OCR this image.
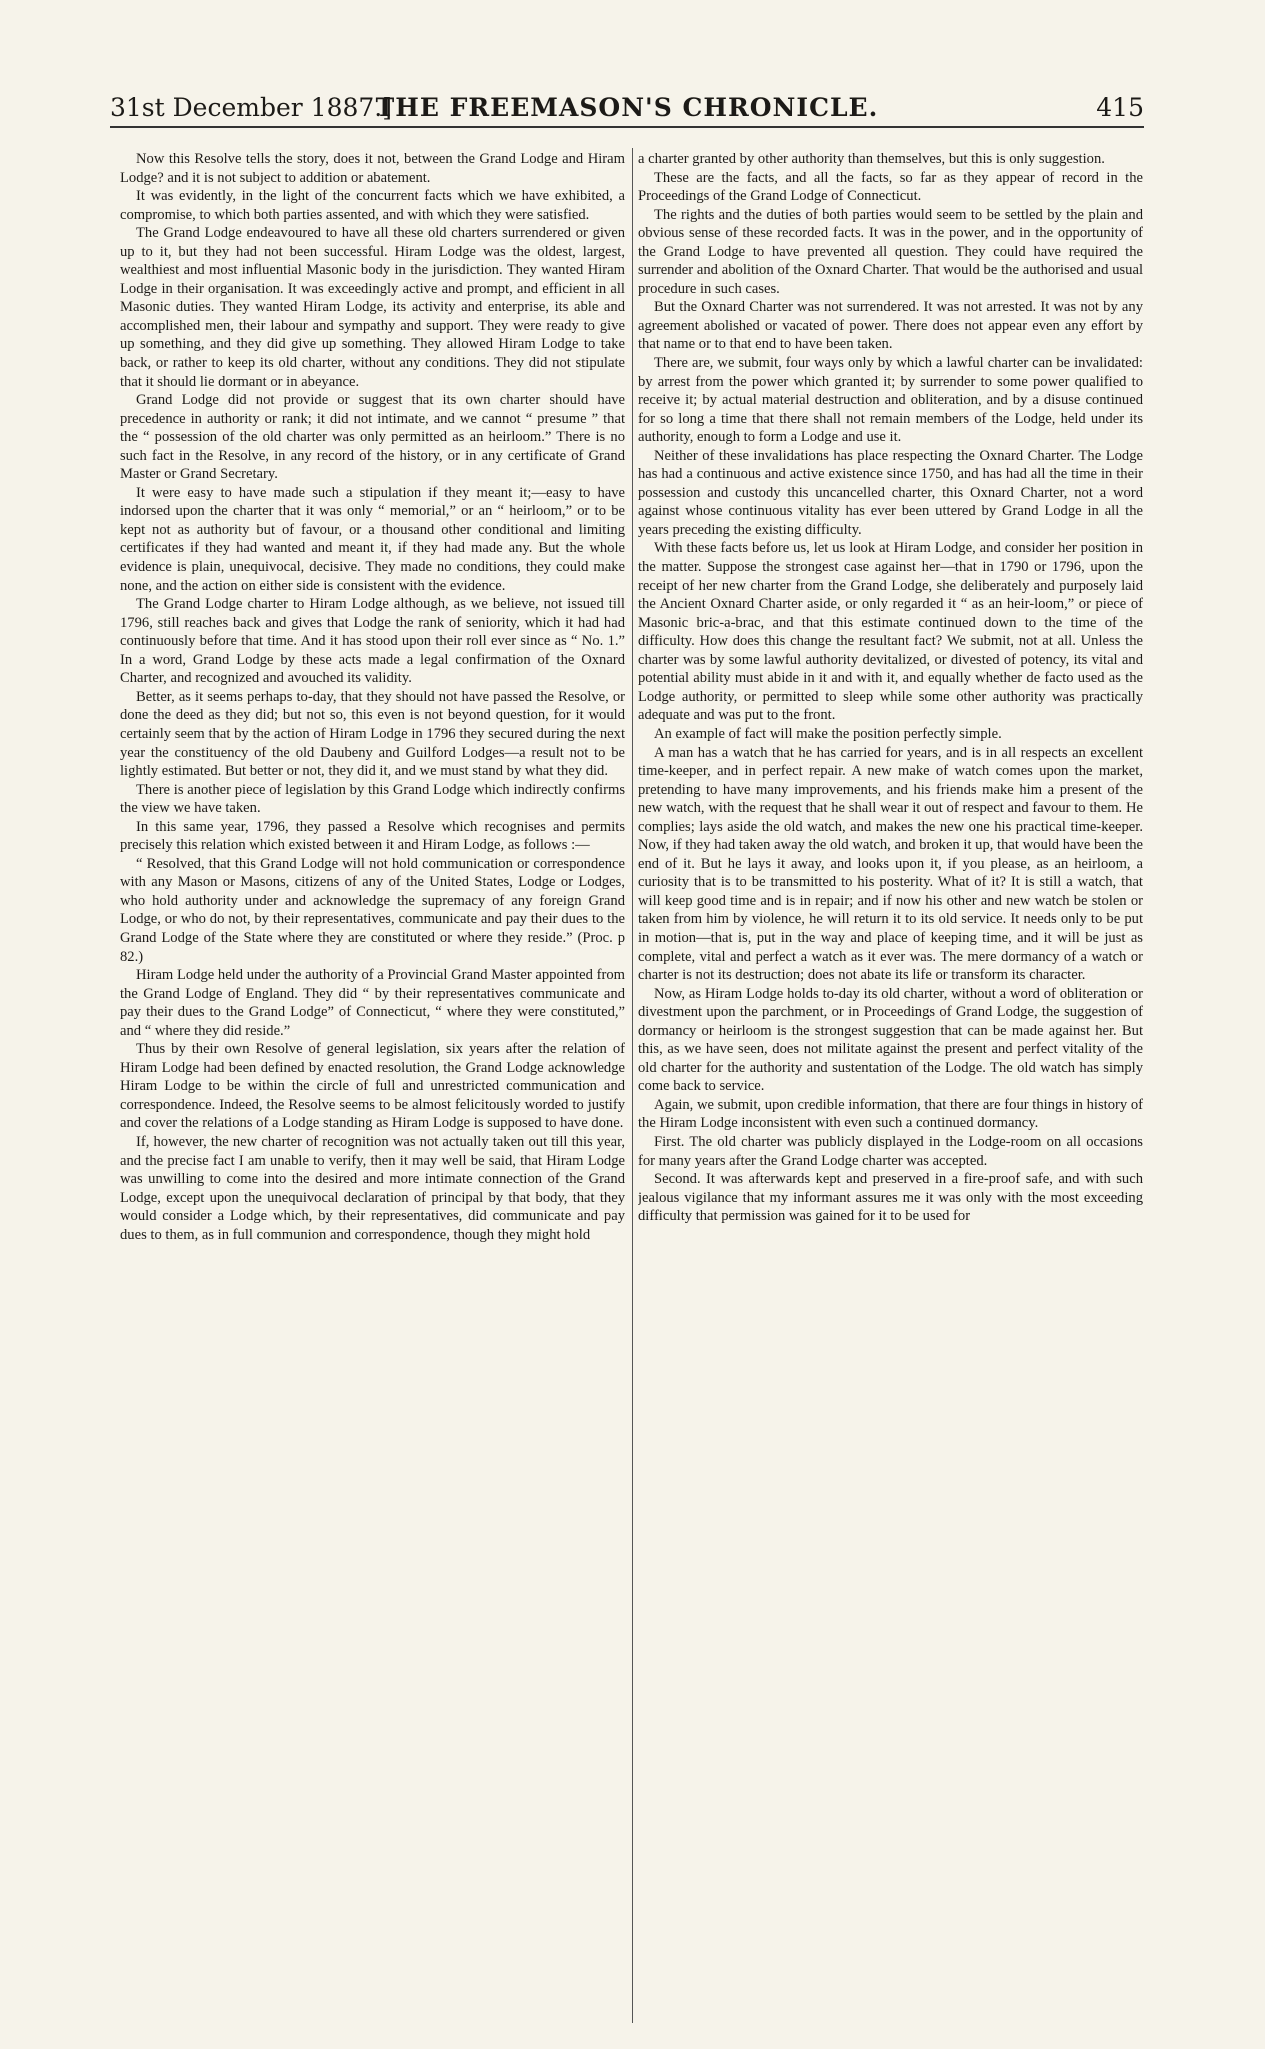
31st December 1887.]
THE FREEMASON'S CHRONICLE.	415

Now this Resolve tells the story, does it not, between the Grand Lodge and Hiram Lodge? and it is not subject to addition or abatement.

It was evidently, in the light of the concurrent facts which we have exhibited, a compromise, to which both parties assented, and with which they were satisfied.

The Grand Lodge endeavoured to have all these old charters surrendered or given up to it, but they had not been successful. Hiram Lodge was the oldest, largest, wealthiest and most influential Masonic body in the jurisdiction. They wanted Hiram Lodge in their organisation. It was exceedingly active and prompt, and efficient in all Masonic duties. They wanted Hiram Lodge, its activity and enterprise, its able and accomplished men, their labour and sympathy and support. They were ready to give up something, and they did give up something. They allowed Hiram Lodge to take back, or rather to keep its old charter, without any conditions. They did not stipulate that it should lie dormant or in abeyance.

Grand Lodge did not provide or suggest that its own charter should have precedence in authority or rank; it did not intimate, and we cannot “ presume ” that the “ possession of the old charter was only permitted as an heirloom.” There is no such fact in the Resolve, in any record of the history, or in any certificate of Grand Master or Grand Secretary.

It were easy to have made such a stipulation if they meant it;—easy to have indorsed upon the charter that it was only “ memorial,” or an “ heirloom,” or to be kept not as authority but of favour, or a thousand other conditional and limiting certificates if they had wanted and meant it, if they had made any. But the whole evidence is plain, unequivocal, decisive. They made no conditions, they could make none, and the action on either side is consistent with the evidence.

The Grand Lodge charter to Hiram Lodge although, as we believe, not issued till 1796, still reaches back and gives that Lodge the rank of seniority, which it had had continuously before that time. And it has stood upon their roll ever since as “ No. 1.” In a word, Grand Lodge by these acts made a legal confirmation of the Oxnard Charter, and recognized and avouched its validity.

Better, as it seems perhaps to-day, that they should not have passed the Resolve, or done the deed as they did; but not so, this even is not beyond question, for it would certainly seem that by the action of Hiram Lodge in 1796 they secured during the next year the constituency of the old Daubeny and Guilford Lodges—a result not to be lightly estimated. But better or not, they did it, and we must stand by what they did.

There is another piece of legislation by this Grand Lodge which indirectly confirms the view we have taken.

In this same year, 1796, they passed a Resolve which recognises and permits precisely this relation which existed between it and Hiram Lodge, as follows :—

“ Resolved, that this Grand Lodge will not hold communication or correspondence with any Mason or Masons, citizens of any of the United States, Lodge or Lodges, who hold authority under and acknowledge the supremacy of any foreign Grand Lodge, or who do not, by their representatives, communicate and pay their dues to the Grand Lodge of the State where they are constituted or where they reside.” (Proc. p 82.)

Hiram Lodge held under the authority of a Provincial Grand Master appointed from the Grand Lodge of England. They did “ by their representatives communicate and pay their dues to the Grand Lodge” of Connecticut, “ where they were constituted,” and “ where they did reside.”

Thus by their own Resolve of general legislation, six years after the relation of Hiram Lodge had been defined by enacted resolution, the Grand Lodge acknowledge Hiram Lodge to be within the circle of full and unrestricted communication and correspondence. Indeed, the Resolve seems to be almost felicitously worded to justify and cover the relations of a Lodge standing as Hiram Lodge is supposed to have done.

If, however, the new charter of recognition was not actually taken out till this year, and the precise fact I am unable to verify, then it may well be said, that Hiram Lodge was unwilling to come into the desired and more intimate connection of the Grand Lodge, except upon the unequivocal declaration of principal by that body, that they would consider a Lodge which, by their representatives, did communicate and pay dues to them, as in full communion and correspondence, though they might hold

a charter granted by other authority than themselves, but this is only suggestion.

These are the facts, and all the facts, so far as they appear of record in the Proceedings of the Grand Lodge of Connecticut.

The rights and the duties of both parties would seem to be settled by the plain and obvious sense of these recorded facts. It was in the power, and in the opportunity of the Grand Lodge to have prevented all question. They could have required the surrender and abolition of the Oxnard Charter. That would be the authorised and usual procedure in such cases.

But the Oxnard Charter was not surrendered. It was not arrested. It was not by any agreement abolished or vacated of power. There does not appear even any effort by that name or to that end to have been taken.

There are, we submit, four ways only by which a lawful charter can be invalidated: by arrest from the power which granted it; by surrender to some power qualified to receive it; by actual material destruction and obliteration, and by a disuse continued for so long a time that there shall not remain members of the Lodge, held under its authority, enough to form a Lodge and use it.

Neither of these invalidations has place respecting the Oxnard Charter. The Lodge has had a continuous and active existence since 1750, and has had all the time in their possession and custody this uncancelled charter, this Oxnard Charter, not a word against whose continuous vitality has ever been uttered by Grand Lodge in all the years preceding the existing difficulty.

With these facts before us, let us look at Hiram Lodge, and consider her position in the matter. Suppose the strongest case against her—that in 1790 or 1796, upon the receipt of her new charter from the Grand Lodge, she deliberately and purposely laid the Ancient Oxnard Charter aside, or only regarded it “ as an heir-loom,” or piece of Masonic bric-a-brac, and that this estimate continued down to the time of the difficulty. How does this change the resultant fact? We submit, not at all. Unless the charter was by some lawful authority devitalized, or divested of potency, its vital and potential ability must abide in it and with it, and equally whether de facto used as the Lodge authority, or permitted to sleep while some other authority was practically adequate and was put to the front.

An example of fact will make the position perfectly simple.

A man has a watch that he has carried for years, and is in all respects an excellent time-keeper, and in perfect repair. A new make of watch comes upon the market, pretending to have many improvements, and his friends make him a present of the new watch, with the request that he shall wear it out of respect and favour to them. He complies; lays aside the old watch, and makes the new one his practical time-keeper. Now, if they had taken away the old watch, and broken it up, that would have been the end of it. But he lays it away, and looks upon it, if you please, as an heirloom, a curiosity that is to be transmitted to his posterity. What of it? It is still a watch, that will keep good time and is in repair; and if now his other and new watch be stolen or taken from him by violence, he will return it to its old service. It needs only to be put in motion—that is, put in the way and place of keeping time, and it will be just as complete, vital and perfect a watch as it ever was. The mere dormancy of a watch or charter is not its destruction; does not abate its life or transform its character.

Now, as Hiram Lodge holds to-day its old charter, without a word of obliteration or divestment upon the parchment, or in Proceedings of Grand Lodge, the suggestion of dormancy or heirloom is the strongest suggestion that can be made against her. But this, as we have seen, does not militate against the present and perfect vitality of the old charter for the authority and sustentation of the Lodge. The old watch has simply come back to service.

Again, we submit, upon credible information, that there are four things in history of the Hiram Lodge inconsistent with even such a continued dormancy.

First. The old charter was publicly displayed in the Lodge-room on all occasions for many years after the Grand Lodge charter was accepted.

Second. It was afterwards kept and preserved in a fire-proof safe, and with such jealous vigilance that my informant assures me it was only with the most exceeding difficulty that permission was gained for it to be used for
